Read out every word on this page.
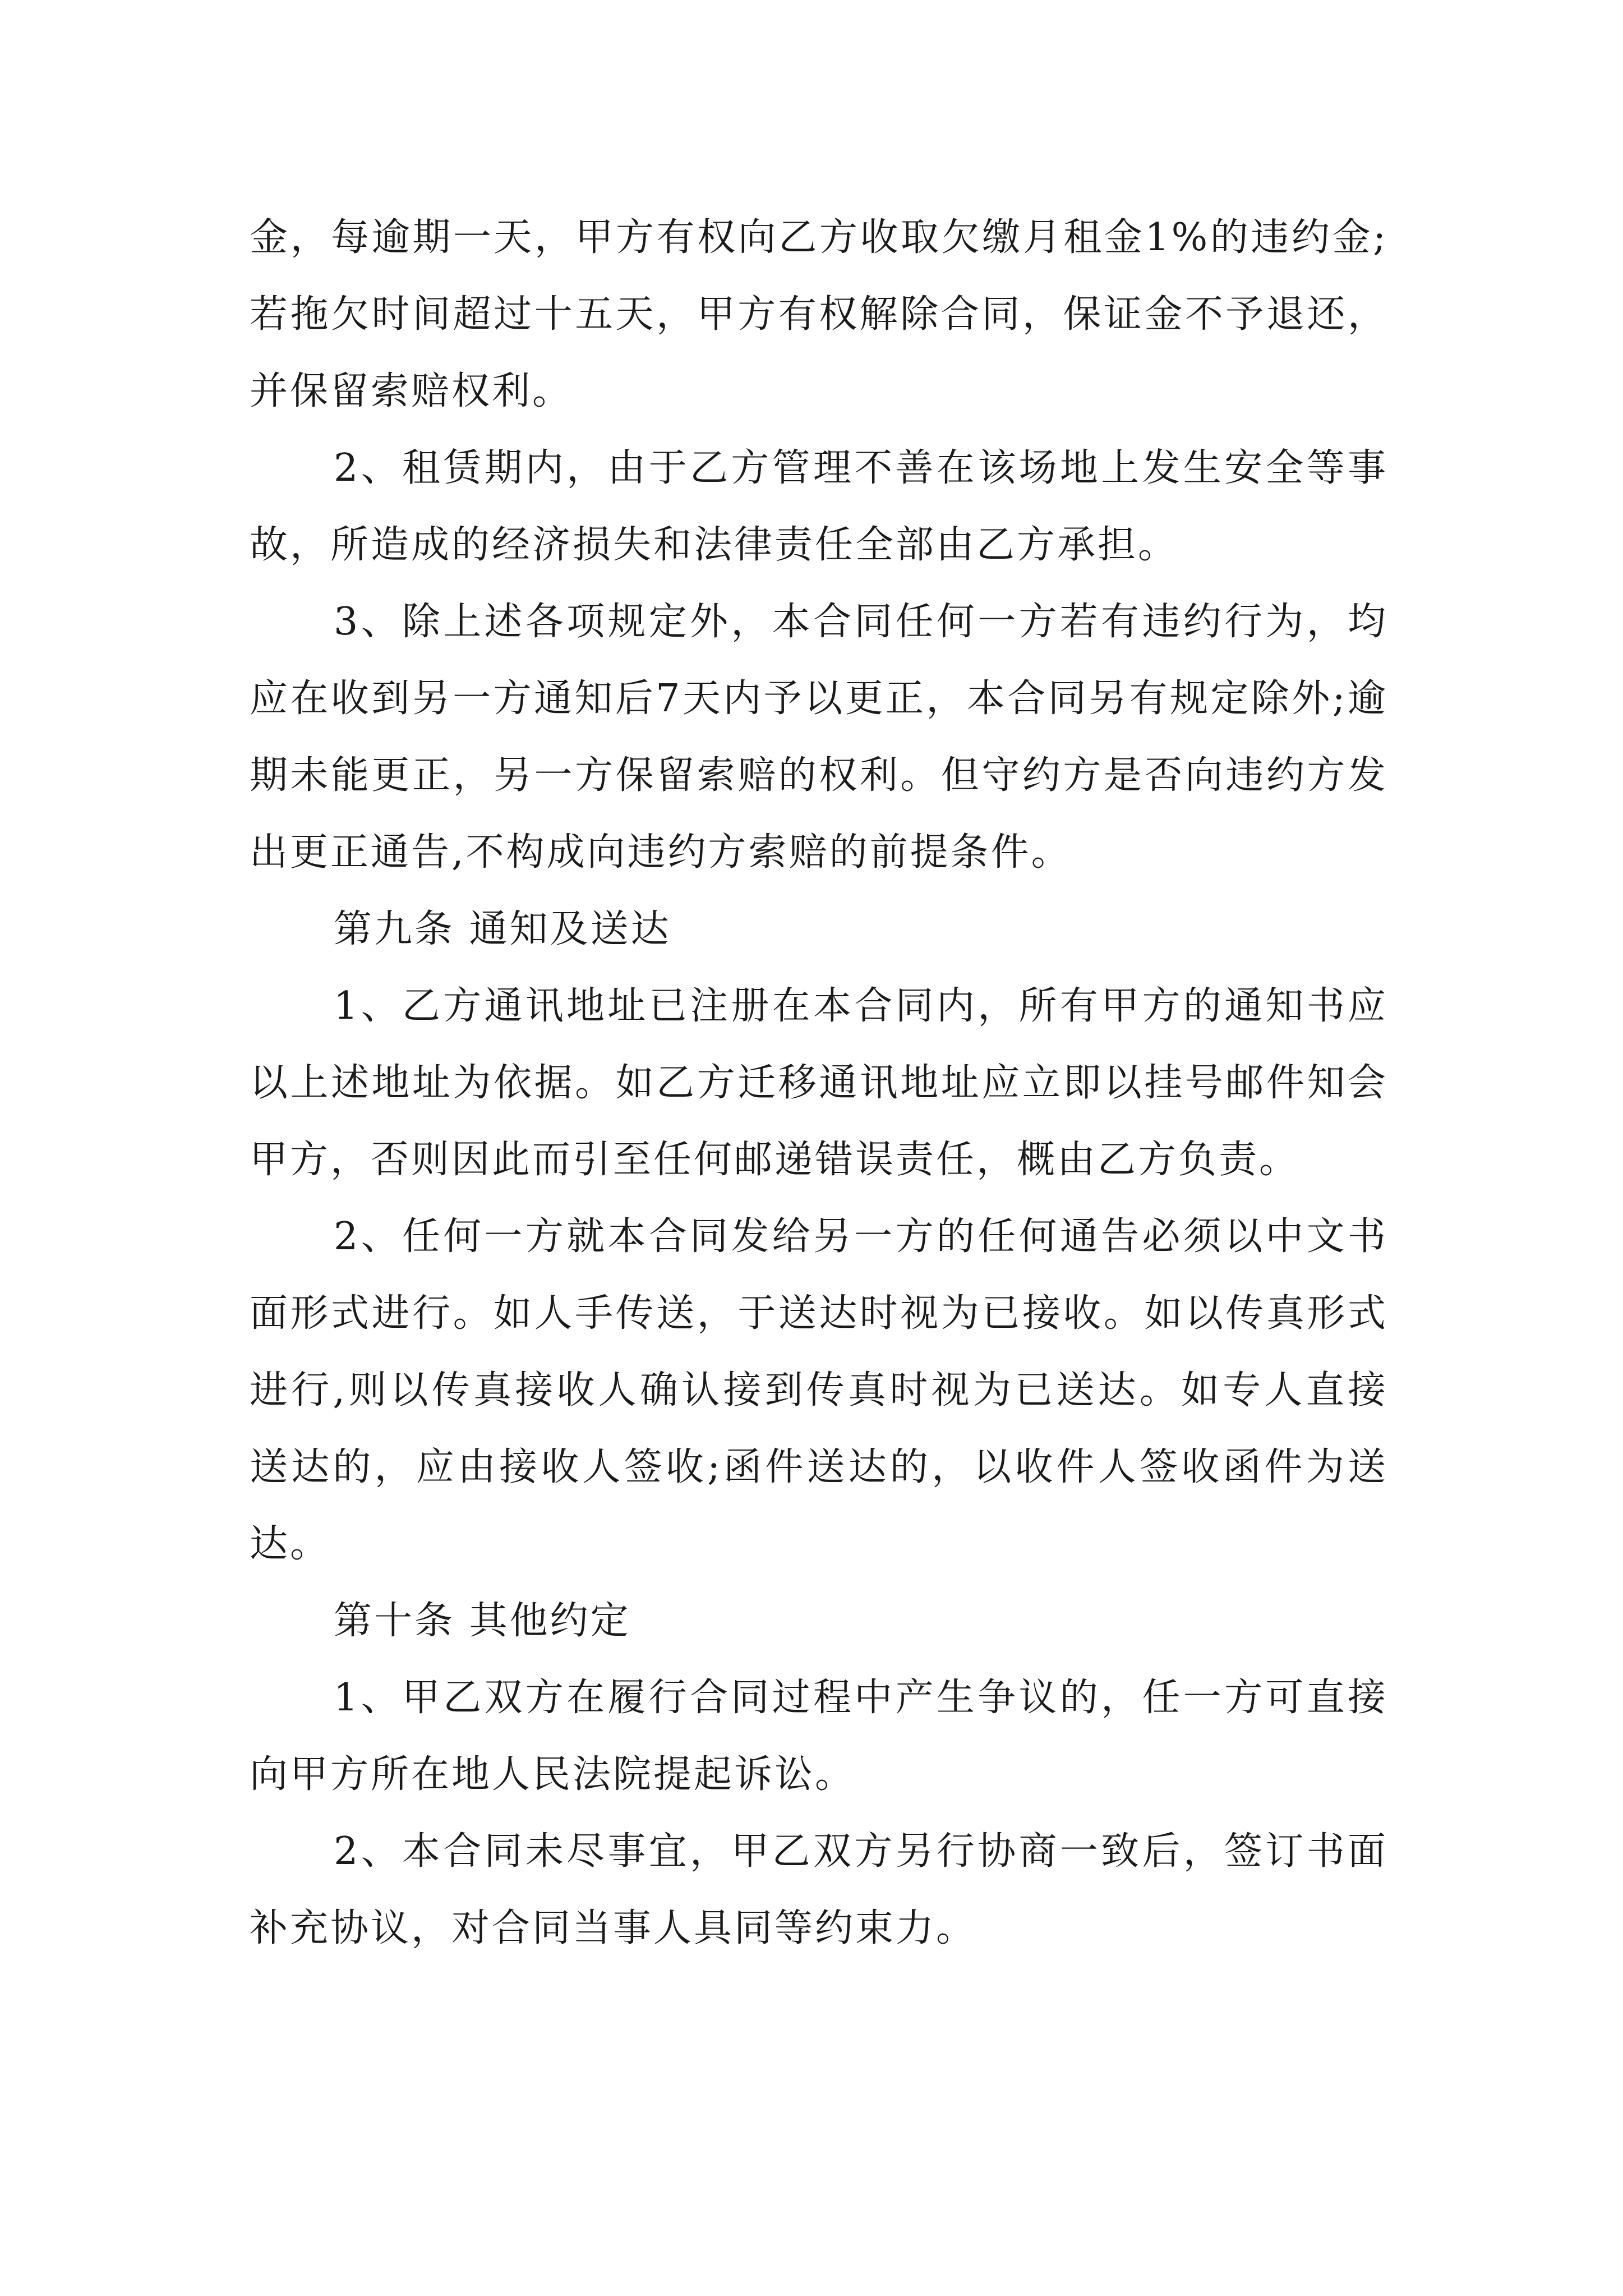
金，每逾期一天，甲方有权向乙方收取欠缴月租金1%的违约金;若拖欠时间超过十五天，甲方有权解除合同，保证金不予退还，并保留索赔权利。

2、租赁期内，由于乙方管理不善在该场地上发生安全等事故，所造成的经济损失和法律责任全部由乙方承担。

3、除上述各项规定外，本合同任何一方若有违约行为，均应在收到另一方通知后7天内予以更正，本合同另有规定除外;逾期未能更正，另一方保留索赔的权利。但守约方是否向违约方发出更正通告,不构成向违约方索赔的前提条件。

第九条 通知及送达

1、乙方通讯地址已注册在本合同内，所有甲方的通知书应以上述地址为依据。如乙方迁移通讯地址应立即以挂号邮件知会甲方，否则因此而引至任何邮递错误责任，概由乙方负责。

2、任何一方就本合同发给另一方的任何通告必须以中文书面形式进行。如人手传送，于送达时视为已接收。如以传真形式进行,则以传真接收人确认接到传真时视为已送达。如专人直接送达的，应由接收人签收;函件送达的，以收件人签收函件为送达。

第十条 其他约定

1、甲乙双方在履行合同过程中产生争议的，任一方可直接向甲方所在地人民法院提起诉讼。

2、本合同未尽事宜，甲乙双方另行协商一致后，签订书面补充协议，对合同当事人具同等约束力。
